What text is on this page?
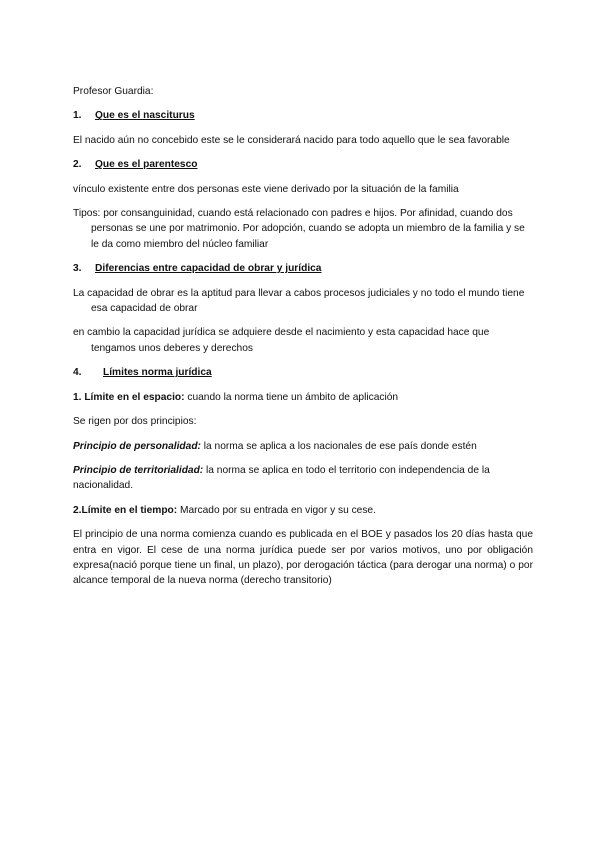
Profesor Guardia:

1. Que es el nasciturus

El nacido aún no concebido este se le considerará nacido para todo aquello que le sea favorable

2. Que es el parentesco

vínculo existente entre dos personas este viene derivado por la situación de la familia

Tipos: por consanguinidad, cuando está relacionado con padres e hijos. Por afinidad, cuando dos personas se une por matrimonio. Por adopción, cuando se adopta un miembro de la familia y se le da como miembro del núcleo familiar

3. Diferencias entre capacidad de obrar y jurídica

La capacidad de obrar es la aptitud para llevar a cabos procesos judiciales y no todo el mundo tiene esa capacidad de obrar

en cambio la capacidad jurídica se adquiere desde el nacimiento y esta capacidad hace que tengamos unos deberes y derechos

4. Límites norma jurídica

1. Límite en el espacio: cuando la norma tiene un ámbito de aplicación

Se rigen por dos principios:

Principio de personalidad: la norma se aplica a los nacionales de ese país donde estén

Principio de territorialidad: la norma se aplica en todo el territorio con independencia de la nacionalidad.

2.Límite en el tiempo: Marcado por su entrada en vigor y su cese.

El principio de una norma comienza cuando es publicada en el BOE y pasados los 20 días hasta que entra en vigor. El cese de una norma jurídica puede ser por varios motivos, uno por obligación expresa(nació porque tiene un final, un plazo), por derogación táctica (para derogar una norma) o por alcance temporal de la nueva norma (derecho transitorio)
